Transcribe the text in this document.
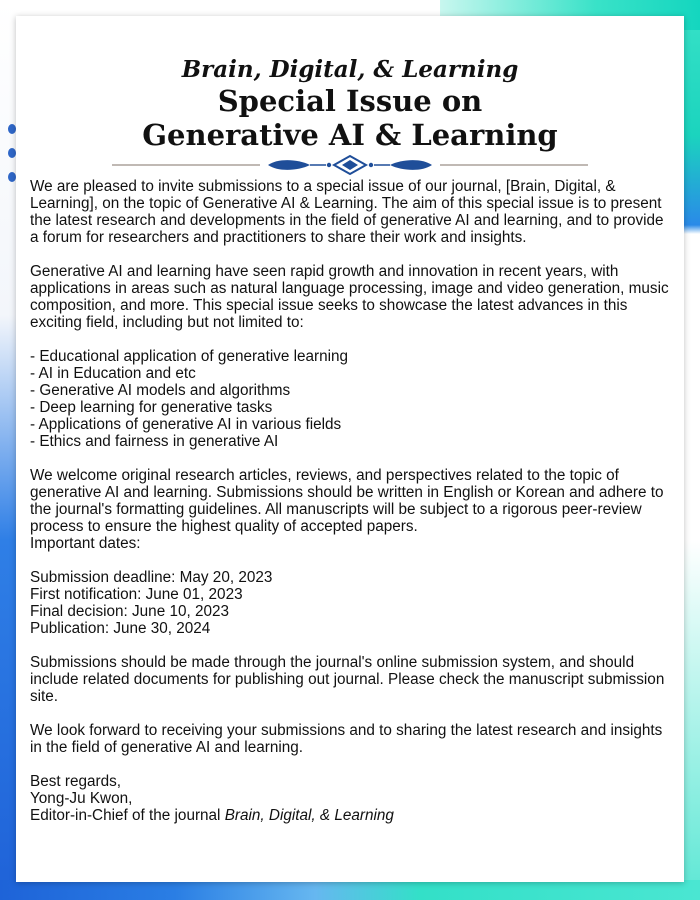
Brain, Digital, & Learning
Special Issue on
Generative AI & Learning

We are pleased to invite submissions to a special issue of our journal, [Brain, Digital, & Learning], on the topic of Generative AI & Learning. The aim of this special issue is to present the latest research and developments in the field of generative AI and learning, and to provide a forum for researchers and practitioners to share their work and insights.

Generative AI and learning have seen rapid growth and innovation in recent years, with applications in areas such as natural language processing, image and video generation, music composition, and more. This special issue seeks to showcase the latest advances in this exciting field, including but not limited to:

- Educational application of generative learning
- AI in Education and etc
- Generative AI models and algorithms
- Deep learning for generative tasks
- Applications of generative AI in various fields
- Ethics and fairness in generative AI

We welcome original research articles, reviews, and perspectives related to the topic of generative AI and learning. Submissions should be written in English or Korean and adhere to the journal's formatting guidelines. All manuscripts will be subject to a rigorous peer-review process to ensure the highest quality of accepted papers.

Important dates:

Submission deadline: May 20, 2023
First notification: June 01, 2023
Final decision: June 10, 2023
Publication: June 30, 2024

Submissions should be made through the journal's online submission system, and should include related documents for publishing out journal. Please check the manuscript submission site.

We look forward to receiving your submissions and to sharing the latest research and insights in the field of generative AI and learning.

Best regards,
Yong-Ju Kwon,
Editor-in-Chief of the journal Brain, Digital, & Learning
